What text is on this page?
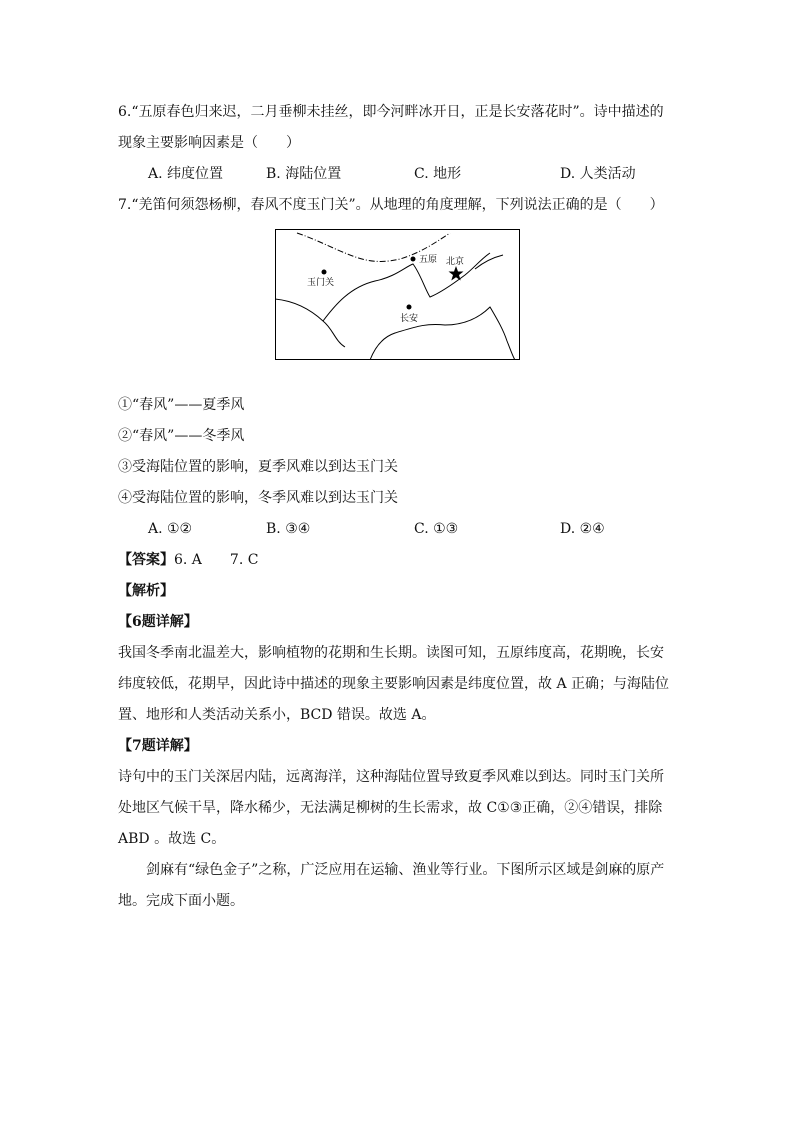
6.“五原春色归来迟，二月垂柳未挂丝，即今河畔冰开日，正是长安落花时”。诗中描述的
现象主要影响因素是（　　）
A. 纬度位置	B. 海陆位置	C. 地形	D. 人类活动
7.“羌笛何须怨杨柳，春风不度玉门关”。从地理的角度理解，下列说法正确的是（　　）
五原 北京
玉门关
长安
①“春风”——夏季风
②“春风”——冬季风
③受海陆位置的影响，夏季风难以到达玉门关
④受海陆位置的影响，冬季风难以到达玉门关
A. ①②	B. ③④	C. ①③	D. ②④
【答案】6. A　　7. C
【解析】
【6题详解】
我国冬季南北温差大，影响植物的花期和生长期。读图可知，五原纬度高，花期晚，长安
纬度较低，花期早，因此诗中描述的现象主要影响因素是纬度位置，故 A 正确；与海陆位
置、地形和人类活动关系小，BCD 错误。故选 A。
【7题详解】
诗句中的玉门关深居内陆，远离海洋，这种海陆位置导致夏季风难以到达。同时玉门关所
处地区气候干旱，降水稀少，无法满足柳树的生长需求，故 C①③正确，②④错误，排除
ABD 。故选 C。
剑麻有“绿色金子”之称，广泛应用在运输、渔业等行业。下图所示区域是剑麻的原产
地。完成下面小题。
